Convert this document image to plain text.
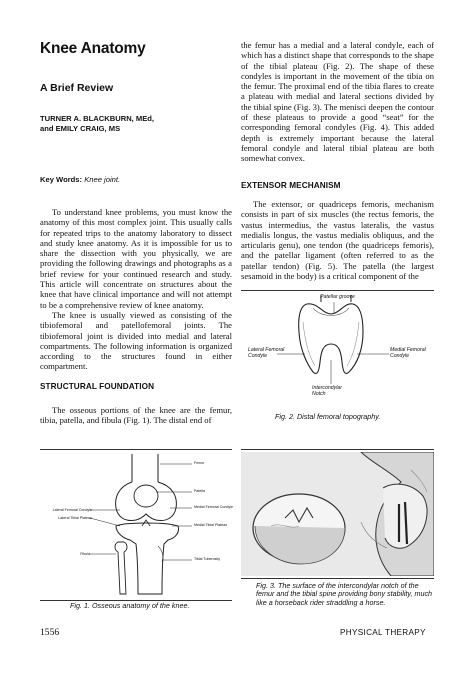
Knee Anatomy
A Brief Review
TURNER A. BLACKBURN, MEd,
and EMILY CRAIG, MS
Key Words: Knee joint.

To understand knee problems, you must know the anatomy of this most complex joint. This usually calls for repeated trips to the anatomy laboratory to dissect and study knee anatomy. As it is impossible for us to share the dissection with you physically, we are providing the following drawings and photographs as a brief review for your continued research and study. This article will concentrate on structures about the knee that have clinical importance and will not attempt to be a comprehensive review of knee anatomy.

The knee is usually viewed as consisting of the tibiofemoral and patellofemoral joints. The tibiofemoral joint is divided into medial and lateral compartments. The following information is organized according to the structures found in either compartment.

STRUCTURAL FOUNDATION

The osseous portions of the knee are the femur, tibia, patella, and fibula (Fig. 1). The distal end of

the femur has a medial and a lateral condyle, each of which has a distinct shape that corresponds to the shape of the tibial plateau (Fig. 2). The shape of these condyles is important in the movement of the tibia on the femur. The proximal end of the tibia flares to create a plateau with medial and lateral sections divided by the tibial spine (Fig. 3). The menisci deepen the contour of these plateaus to provide a good “seat” for the corresponding femoral condyles (Fig. 4). This added depth is extremely important because the lateral femoral condyle and lateral tibial plateau are both somewhat convex.

EXTENSOR MECHANISM

The extensor, or quadriceps femoris, mechanism consists in part of six muscles (the rectus femoris, the vastus intermedius, the vastus lateralis, the vastus medialis longus, the vastus medialis obliquus, and the articularis genu), one tendon (the quadriceps femoris), and the patellar ligament (often referred to as the patellar tendon) (Fig. 5). The patella (the largest sesamoid in the body) is a critical component of the

Patellar groove
Lateral Femoral
Condyle
Medial Femoral
Condyle
Intercondylar
Notch
Fig. 2. Distal femoral topography.
Femur
Patella
Medial Femoral Condyle
Medial Tibial Plateau
Lateral Femoral Condyle
Lateral Tibial Plateau
Fibula
Tibial Tuberosity
Fig. 1. Osseous anatomy of the knee.
Fig. 3. The surface of the intercondylar notch of the femur and the tibial spine providing bony stability, much like a horseback rider straddling a horse.
1556	PHYSICAL THERAPY
